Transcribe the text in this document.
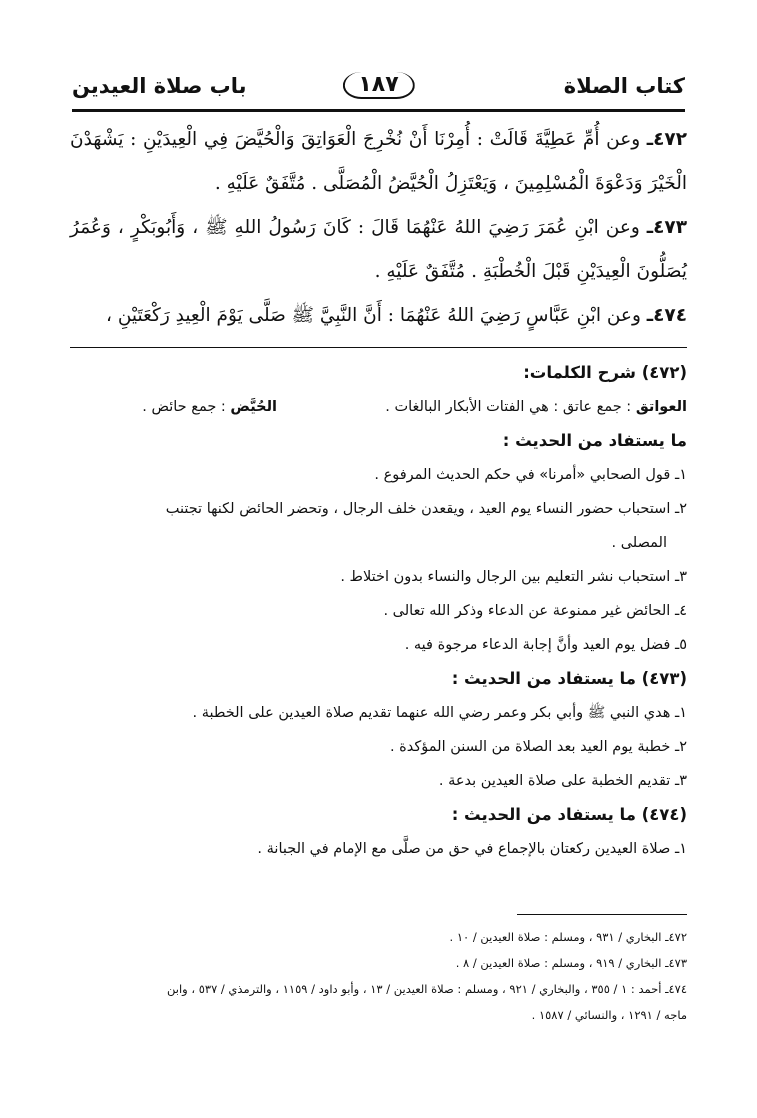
كتاب الصلاة
١٨٧
باب صلاة العيدين

٤٧٢ـ وعن أُمِّ عَطِيَّةَ قَالَتْ : أُمِرْنَا أَنْ نُخْرِجَ الْعَوَاتِقَ وَالْحُيَّضَ فِي الْعِيدَيْنِ : يَشْهَدْنَ الْخَيْرَ وَدَعْوَةَ الْمُسْلِمِينَ ، وَيَعْتَزِلُ الْحُيَّضُ الْمُصَلَّى . مُتَّفَقٌ عَلَيْهِ .

٤٧٣ـ وعن ابْنِ عُمَرَ رَضِيَ اللهُ عَنْهُمَا قَالَ : كَانَ رَسُولُ اللهِ ﷺ ، وَأَبُوبَكْرٍ ، وَعُمَرُ يُصَلُّونَ الْعِيدَيْنِ قَبْلَ الْخُطْبَةِ . مُتَّفَقٌ عَلَيْهِ .

٤٧٤ـ وعن ابْنِ عَبَّاسٍ رَضِيَ اللهُ عَنْهُمَا : أَنَّ النَّبِيَّ ﷺ صَلَّى يَوْمَ الْعِيدِ رَكْعَتَيْنِ ،

(٤٧٢) شرح الكلمات:
العواتق : جمع عاتق : هي الفتات الأبكار البالغات .
الحُيَّض : جمع حائض .
ما يستفاد من الحديث :
١ـ قول الصحابي «أمرنا» في حكم الحديث المرفوع .
٢ـ استحباب حضور النساء يوم العيد ، ويقعدن خلف الرجال ، وتحضر الحائض لكنها تجتنب
المصلى .
٣ـ استحباب نشر التعليم بين الرجال والنساء بدون اختلاط .
٤ـ الحائض غير ممنوعة عن الدعاء وذكر الله تعالى .
٥ـ فضل يوم العيد وأنَّ إجابة الدعاء مرجوة فيه .
(٤٧٣) ما يستفاد من الحديث :
١ـ هدي النبي ﷺ وأبي بكر وعمر رضي الله عنهما تقديم صلاة العيدين على الخطبة .
٢ـ خطبة يوم العيد بعد الصلاة من السنن المؤكدة .
٣ـ تقديم الخطبة على صلاة العيدين بدعة .
(٤٧٤) ما يستفاد من الحديث :
١ـ صلاة العيدين ركعتان بالإجماع في حق من صلَّى مع الإمام في الجبانة .
٤٧٢ـ البخاري / ٩٣١ ، ومسلم : صلاة العيدين / ١٠ .
٤٧٣ـ البخاري / ٩١٩ ، ومسلم : صلاة العيدين / ٨ .
٤٧٤ـ أحمد : ١ / ٣٥٥ ، والبخاري / ٩٢١ ، ومسلم : صلاة العيدين / ١٣ ، وأبو داود / ١١٥٩ ، والترمذي / ٥٣٧ ، وابن
ماجه / ١٢٩١ ، والنسائي / ١٥٨٧ .
